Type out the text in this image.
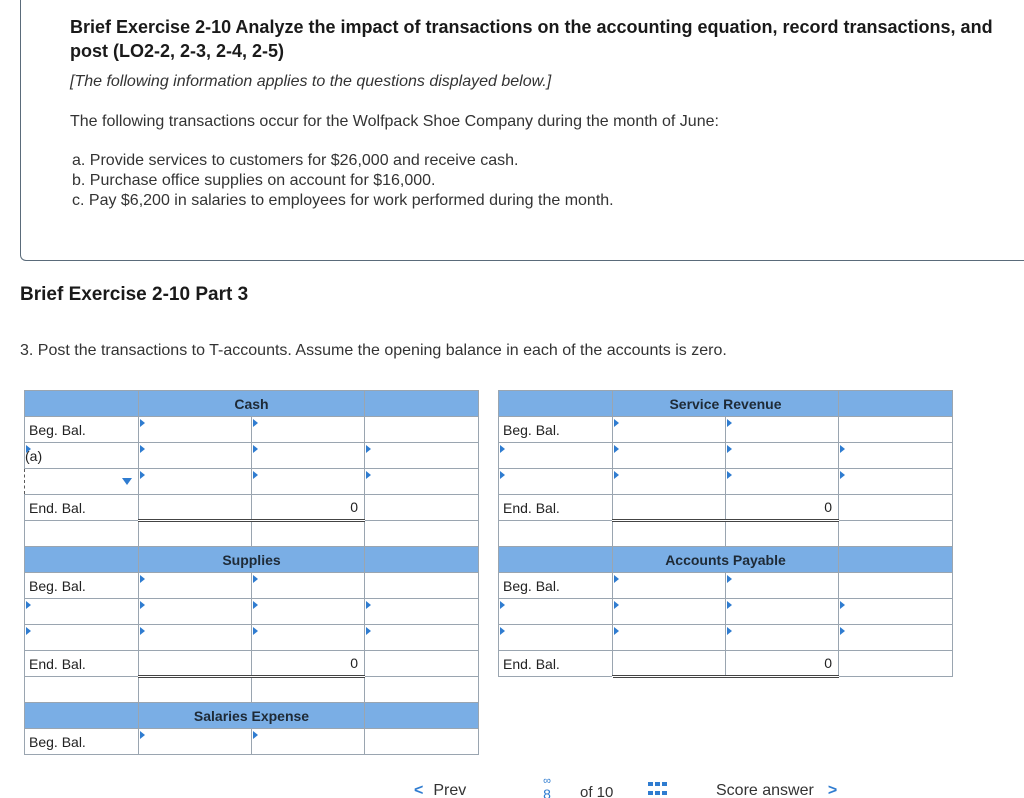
Brief Exercise 2-10 Analyze the impact of transactions on the accounting equation, record transactions, and post (LO2-2, 2-3, 2-4, 2-5)
[The following information applies to the questions displayed below.]
The following transactions occur for the Wolfpack Shoe Company during the month of June:
a. Provide services to customers for $26,000 and receive cash.
b. Purchase office supplies on account for $16,000.
c. Pay $6,200 in salaries to employees for work performed during the month.
Brief Exercise 2-10 Part 3
3. Post the transactions to T-accounts. Assume the opening balance in each of the accounts is zero.
	Cash					Service Revenue		
Beg. Bal.					Beg. Bal.			
(a)								

End. Bal.		0			End. Bal.		0	

	Supplies					Accounts Payable		
Beg. Bal.					Beg. Bal.			

End. Bal.		0			End. Bal.		0	

	Salaries Expense							
Beg. Bal.								
< Prev
∞
8	of 10	Score answer >
